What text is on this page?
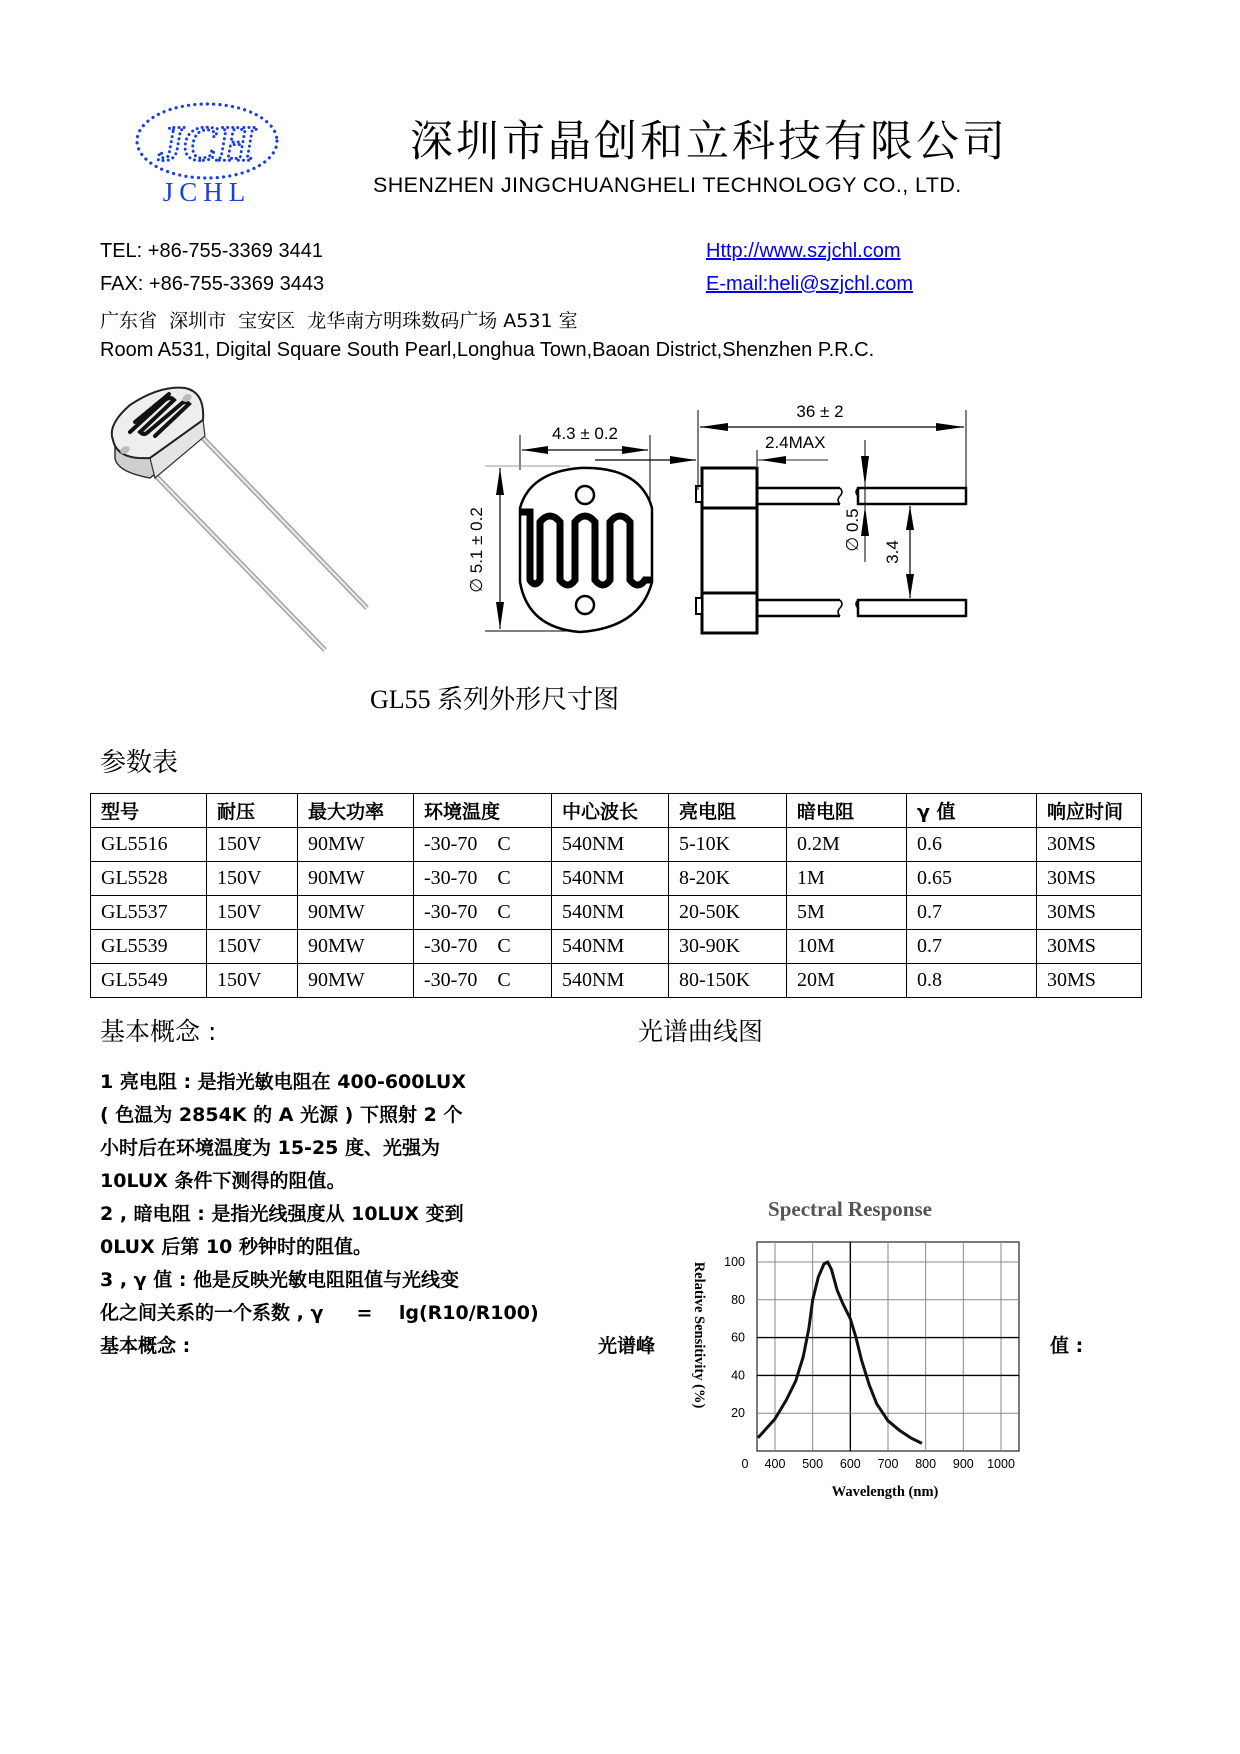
JCH
JCHL
深圳市晶创和立科技有限公司
SHENZHEN JINGCHUANGHELI TECHNOLOGY CO., LTD.
TEL: +86-755-3369 3441
FAX: +86-755-3369 3443
广东省  深圳市  宝安区  龙华南方明珠数码广场 A531 室
Room A531, Digital Square South Pearl,Longhua Town,Baoan District,Shenzhen P.R.C.
Http://www.szjchl.com
E-mail:heli@szjchl.com
4.3 ± 0.2
∅ 5.1 ± 0.2
36 ± 2
2.4MAX
∅ 0.5
3.4
GL55 系列外形尺寸图
参数表
型号	耐压	最大功率	环境温度	中心波长	亮电阻	暗电阻	γ 值	响应时间
GL5516	150V	90MW	-30-70    C	540NM	5-10K	0.2M	0.6	30MS
GL5528	150V	90MW	-30-70    C	540NM	8-20K	1M	0.65	30MS
GL5537	150V	90MW	-30-70    C	540NM	20-50K	5M	0.7	30MS
GL5539	150V	90MW	-30-70    C	540NM	30-90K	10M	0.7	30MS
GL5549	150V	90MW	-30-70    C	540NM	80-150K	20M	0.8	30MS
基本概念 :	光谱曲线图
1 亮电阻 : 是指光敏电阻在 400-600LUX
( 色温为 2854K 的 A 光源 ) 下照射 2 个
小时后在环境温度为 15-25 度、光强为
10LUX 条件下测得的阻值。
2 , 暗电阻 : 是指光线强度从 10LUX 变到
0LUX 后第 10 秒钟时的阻值。
3 , γ 值 : 他是反映光敏电阻阻值与光线变
化之间关系的一个系数 , γ     =    lg(R10/R100)
基本概念 :	光谱峰	值 :
Spectral Response
20
40
60
80
100
0 400 500 600 700 800 900 1000
Wavelength (nm)
Relative Sensitivity (%)
